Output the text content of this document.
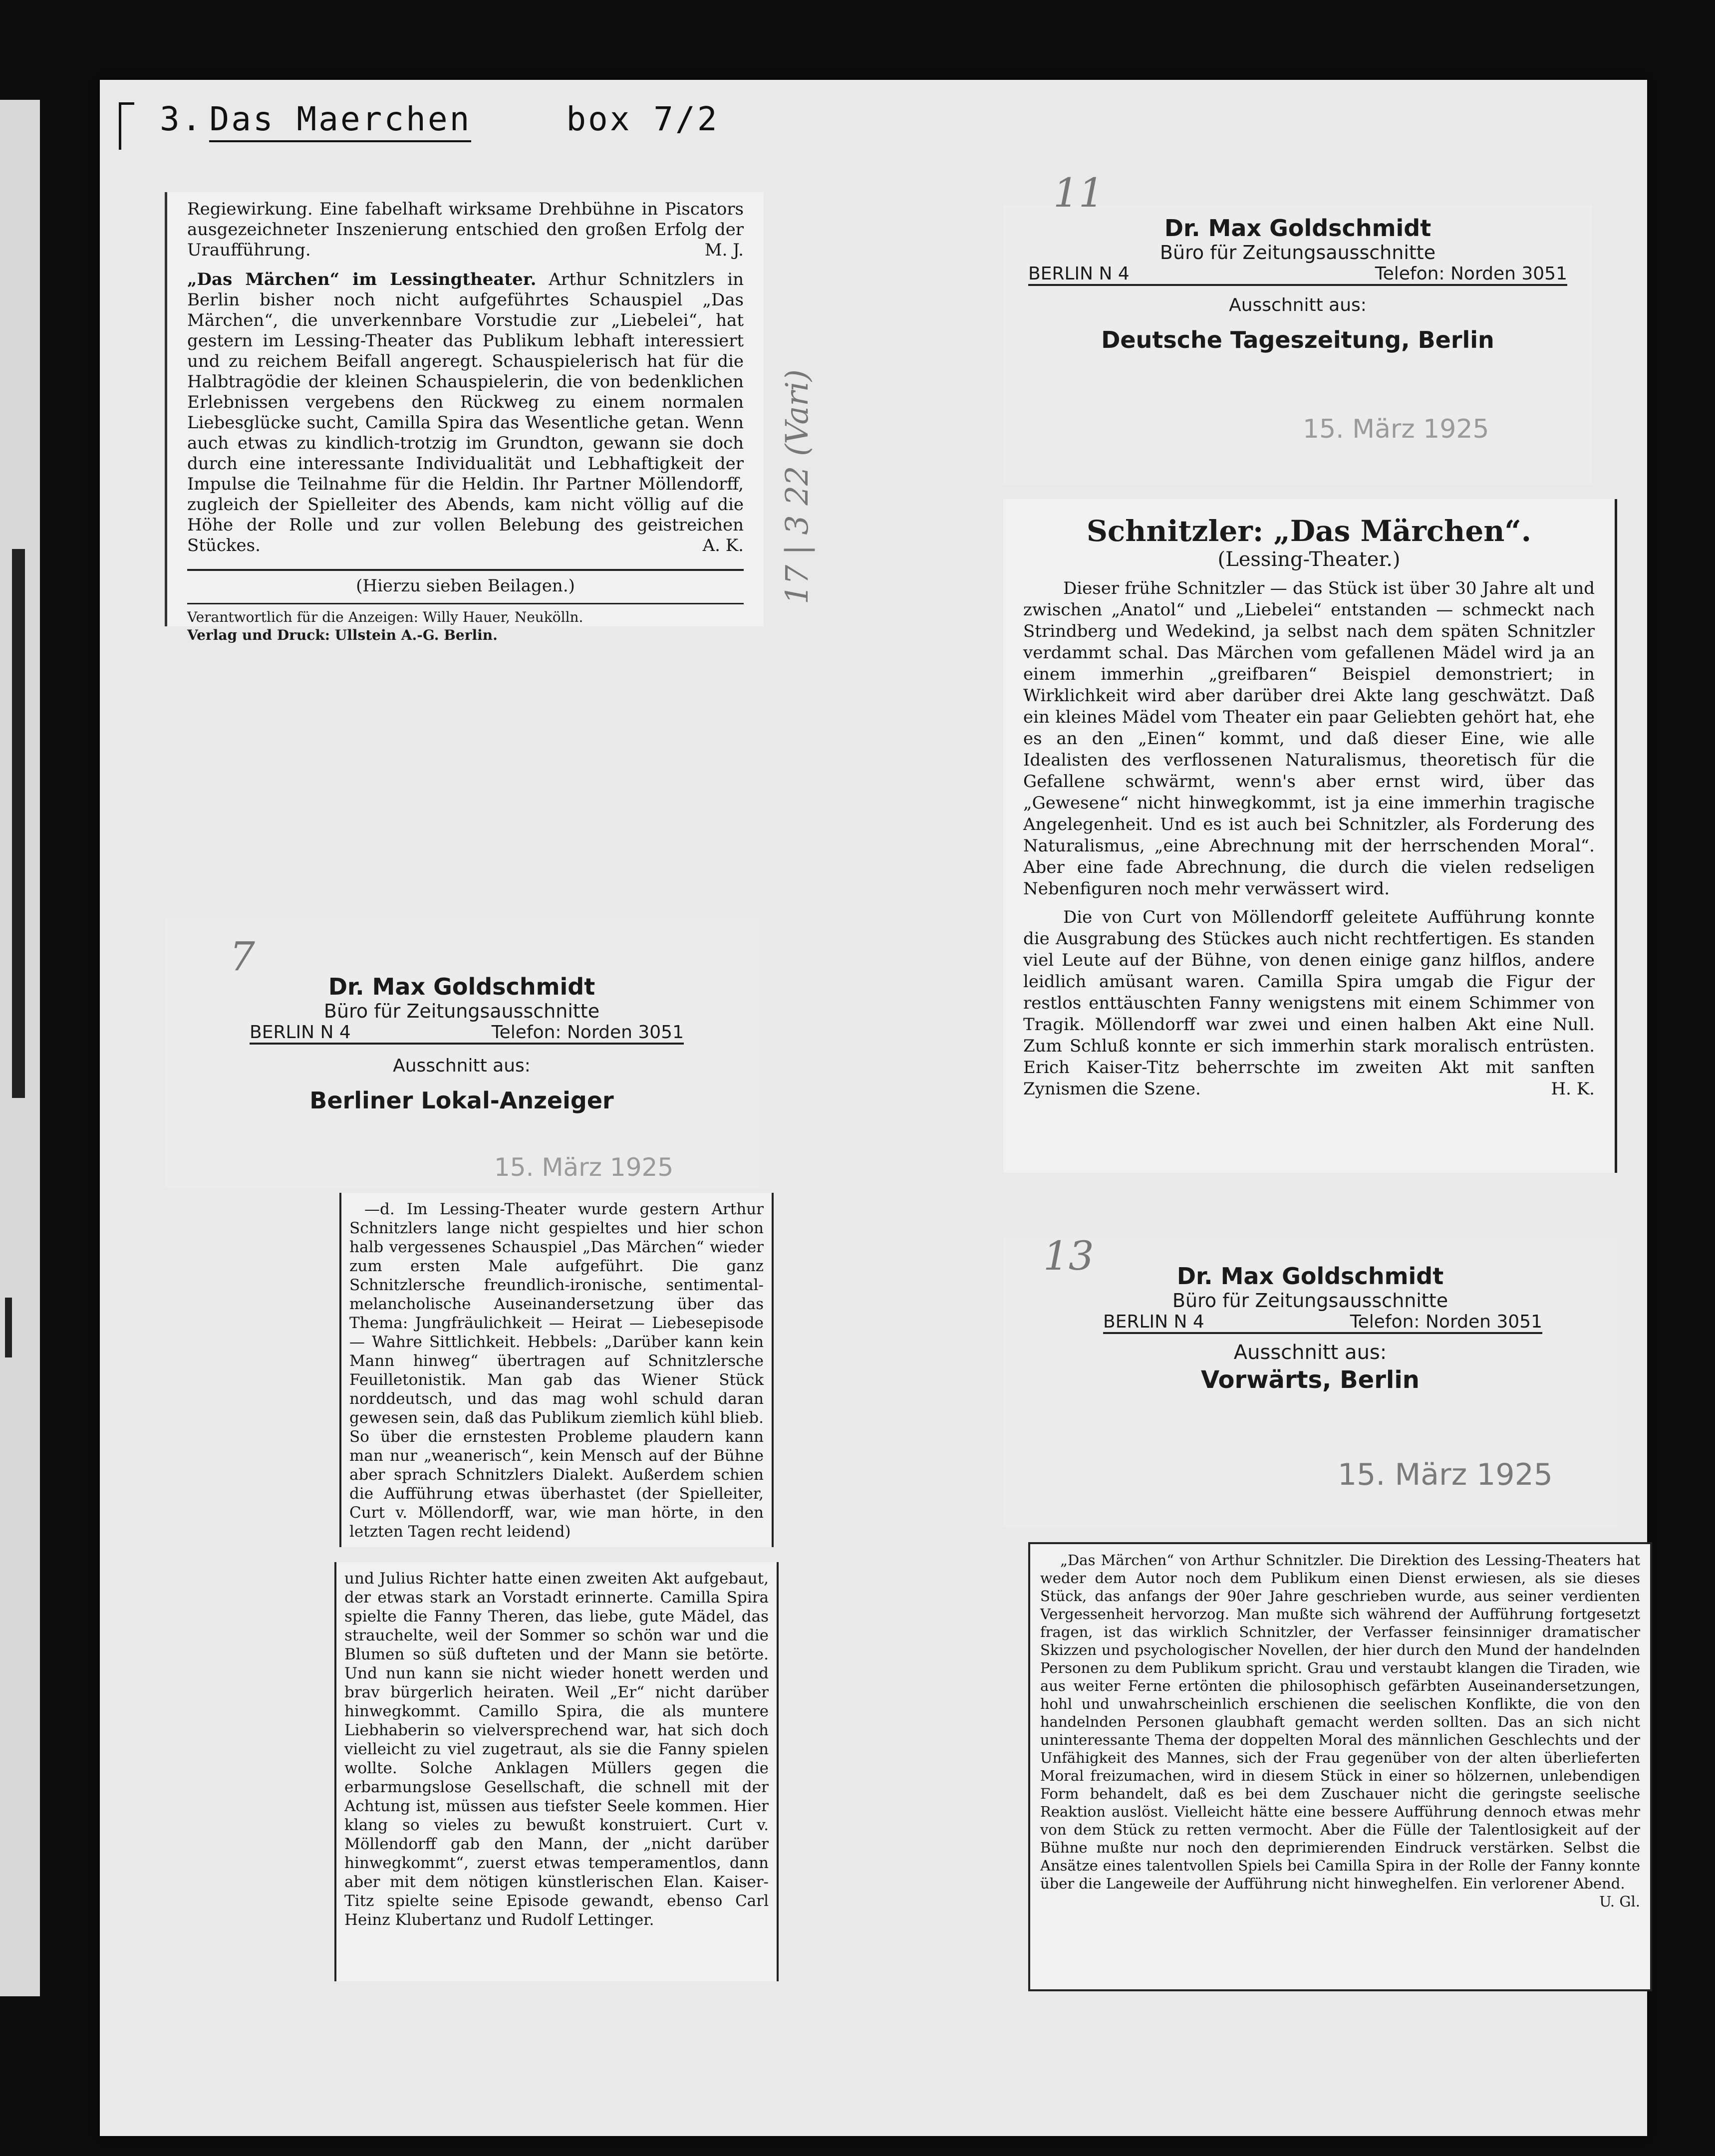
3. Das Maerchen	box 7/2
Regiewirkung. Eine fabelhaft wirksame Drehbühne in Piscators ausgezeichneter Inszenierung entschied den großen Erfolg der Uraufführung.	M. J.
„Das Märchen“ im Lessingtheater. Arthur Schnitzlers in Berlin bisher noch nicht aufgeführtes Schauspiel „Das Märchen“, die unverkennbare Vorstudie zur „Liebelei“, hat gestern im Lessing-Theater das Publikum lebhaft interessiert und zu reichem Beifall angeregt. Schauspielerisch hat für die Halbtragödie der kleinen Schauspielerin, die von bedenklichen Erlebnissen vergebens den Rückweg zu einem normalen Liebesglücke sucht, Camilla Spira das Wesentliche getan. Wenn auch etwas zu kindlich-trotzig im Grundton, gewann sie doch durch eine interessante Individualität und Lebhaftigkeit der Impulse die Teilnahme für die Heldin. Ihr Partner Möllendorff, zugleich der Spielleiter des Abends, kam nicht völlig auf die Höhe der Rolle und zur vollen Belebung des geistreichen Stückes.	A. K.
(Hierzu sieben Beilagen.)
Verantwortlich für die Anzeigen: Willy Hauer, Neukölln.
Verlag und Druck: Ullstein A.-G. Berlin.
Dr. Max Goldschmidt
Büro für Zeitungsausschnitte
BERLIN N 4	Telefon: Norden 3051
Ausschnitt aus:
Deutsche Tageszeitung, Berlin
15. März 1925
11
Schnitzler: „Das Märchen“.
(Lessing-Theater.)
Dieser frühe Schnitzler — das Stück ist über 30 Jahre alt und zwischen „Anatol“ und „Liebelei“ entstanden — schmeckt nach Strindberg und Wedekind, ja selbst nach dem späten Schnitzler verdammt schal. Das Märchen vom gefallenen Mädel wird ja an einem immerhin „greifbaren“ Beispiel demonstriert; in Wirklichkeit wird aber darüber drei Akte lang geschwätzt. Daß ein kleines Mädel vom Theater ein paar Geliebten gehört hat, ehe es an den „Einen“ kommt, und daß dieser Eine, wie alle Idealisten des verflossenen Naturalismus, theoretisch für die Gefallene schwärmt, wenn's aber ernst wird, über das „Gewesene“ nicht hinwegkommt, ist ja eine immerhin tragische Angelegenheit. Und es ist auch bei Schnitzler, als Forderung des Naturalismus, „eine Abrechnung mit der herrschenden Moral“. Aber eine fade Abrechnung, die durch die vielen redseligen Nebenfiguren noch mehr verwässert wird.
Die von Curt von Möllendorff geleitete Aufführung konnte die Ausgrabung des Stückes auch nicht rechtfertigen. Es standen viel Leute auf der Bühne, von denen einige ganz hilflos, andere leidlich amüsant waren. Camilla Spira umgab die Figur der restlos enttäuschten Fanny wenigstens mit einem Schimmer von Tragik. Möllendorff war zwei und einen halben Akt eine Null. Zum Schluß konnte er sich immerhin stark moralisch entrüsten. Erich Kaiser-Titz beherrschte im zweiten Akt mit sanften Zynismen die Szene.	H. K.
Dr. Max Goldschmidt
Büro für Zeitungsausschnitte
BERLIN N 4	Telefon: Norden 3051
Ausschnitt aus:
Berliner Lokal-Anzeiger
15. März 1925
7
17 | 3 22 (Vari)
—d. Im Lessing-Theater wurde gestern Arthur Schnitzlers lange nicht gespieltes und hier schon halb vergessenes Schauspiel „Das Märchen“ wieder zum ersten Male aufgeführt. Die ganz Schnitzlersche freundlich-ironische, sentimental-melancholische Auseinandersetzung über das Thema: Jungfräulichkeit — Heirat — Liebesepisode — Wahre Sittlichkeit. Hebbels: „Darüber kann kein Mann hinweg“ übertragen auf Schnitzlersche Feuilletonistik. Man gab das Wiener Stück norddeutsch, und das mag wohl schuld daran gewesen sein, daß das Publikum ziemlich kühl blieb. So über die ernstesten Probleme plaudern kann man nur „weanerisch“, kein Mensch auf der Bühne aber sprach Schnitzlers Dialekt. Außerdem schien die Aufführung etwas überhastet (der Spielleiter, Curt v. Möllendorff, war, wie man hörte, in den letzten Tagen recht leidend)
und Julius Richter hatte einen zweiten Akt aufgebaut, der etwas stark an Vorstadt erinnerte. Camilla Spira spielte die Fanny Theren, das liebe, gute Mädel, das strauchelte, weil der Sommer so schön war und die Blumen so süß dufteten und der Mann sie betörte. Und nun kann sie nicht wieder honett werden und brav bürgerlich heiraten. Weil „Er“ nicht darüber hinwegkommt. Camillo Spira, die als muntere Liebhaberin so vielversprechend war, hat sich doch vielleicht zu viel zugetraut, als sie die Fanny spielen wollte. Solche Anklagen Müllers gegen die erbarmungslose Gesellschaft, die schnell mit der Achtung ist, müssen aus tiefster Seele kommen. Hier klang so vieles zu bewußt konstruiert. Curt v. Möllendorff gab den Mann, der „nicht darüber hinwegkommt“, zuerst etwas temperamentlos, dann aber mit dem nötigen künstlerischen Elan. Kaiser-Titz spielte seine Episode gewandt, ebenso Carl Heinz Klubertanz und Rudolf Lettinger.
Dr. Max Goldschmidt
Büro für Zeitungsausschnitte
BERLIN N 4	Telefon: Norden 3051
Ausschnitt aus:
Vorwärts, Berlin
15. März 1925
13
„Das Märchen“ von Arthur Schnitzler. Die Direktion des Lessing-Theaters hat weder dem Autor noch dem Publikum einen Dienst erwiesen, als sie dieses Stück, das anfangs der 90er Jahre geschrieben wurde, aus seiner verdienten Vergessenheit hervorzog. Man mußte sich während der Aufführung fortgesetzt fragen, ist das wirklich Schnitzler, der Verfasser feinsinniger dramatischer Skizzen und psychologischer Novellen, der hier durch den Mund der handelnden Personen zu dem Publikum spricht. Grau und verstaubt klangen die Tiraden, wie aus weiter Ferne ertönten die philosophisch gefärbten Auseinandersetzungen, hohl und unwahrscheinlich erschienen die seelischen Konflikte, die von den handelnden Personen glaubhaft gemacht werden sollten. Das an sich nicht uninteressante Thema der doppelten Moral des männlichen Geschlechts und der Unfähigkeit des Mannes, sich der Frau gegenüber von der alten überlieferten Moral freizumachen, wird in diesem Stück in einer so hölzernen, unlebendigen Form behandelt, daß es bei dem Zuschauer nicht die geringste seelische Reaktion auslöst. Vielleicht hätte eine bessere Aufführung dennoch etwas mehr von dem Stück zu retten vermocht. Aber die Fülle der Talentlosigkeit auf der Bühne mußte nur noch den deprimierenden Eindruck verstärken. Selbst die Ansätze eines talentvollen Spiels bei Camilla Spira in der Rolle der Fanny konnte über die Langeweile der Aufführung nicht hinweghelfen. Ein verlorener Abend.
U. Gl.
